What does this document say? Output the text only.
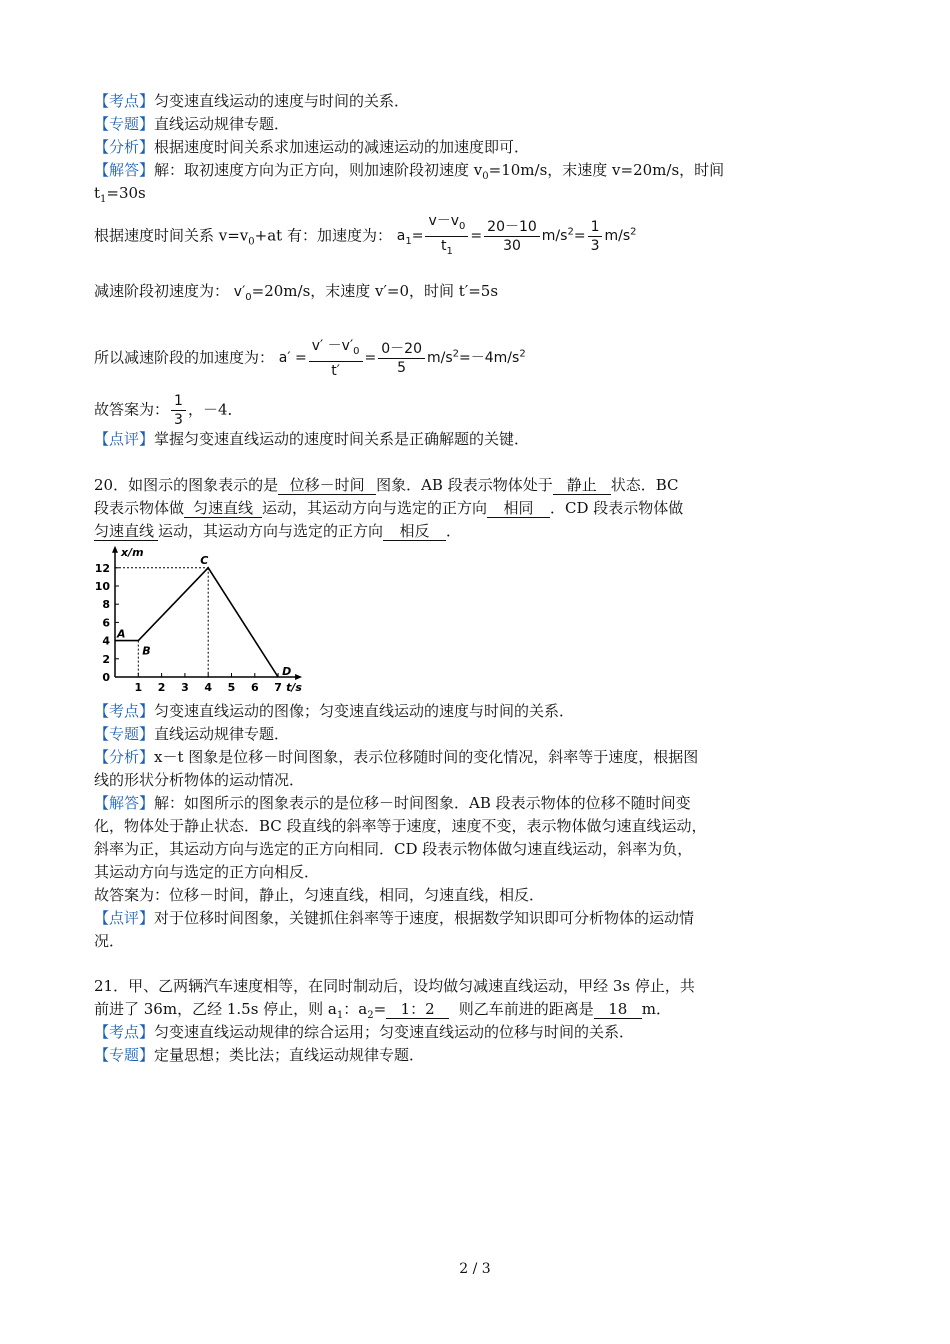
【考点】匀变速直线运动的速度与时间的关系．
【专题】直线运动规律专题．
【分析】根据速度时间关系求加速运动的减速运动的加速度即可．
【解答】解：取初速度方向为正方向，则加速阶段初速度 $v_0=10m/s$，末速度 v=20m/s，时间
$t_1=30s$
根据速度时间关系 $v=v_0+at$ 有：加速度为： $a_1= \frac{v-v_0}{t_1} = \frac{20-10}{30} m/s^2= \frac{1}{3} m/s^2$
减速阶段初速度为： $v'_0=20m/s$，末速度 v′=0，时间 t′=5s
所以减速阶段的加速度为： $a' = \frac{v' -v'_0}{t'} = \frac{0-20}{5} m/s^2=-4m/s^2$
故答案为： $\frac{1}{3}$ ，－4．
【点评】掌握匀变速直线运动的速度时间关系是正确解题的关键．
20．如图示的图象表示的是 位移－时间 图象．AB 段表示物体处于 静止 状态．BC
段表示物体做 匀速直线 运动，其运动方向与选定的正方向 相同 ．CD 段表示物体做
匀速直线 运动，其运动方向与选定的正方向 相反 ．
0
2
4
6
8
10
12
1 2 3 4 5 6 7
x/m
t/s
A
B
C
D
【考点】匀变速直线运动的图像；匀变速直线运动的速度与时间的关系．
【专题】直线运动规律专题．
【分析】x－t 图象是位移－时间图象，表示位移随时间的变化情况，斜率等于速度，根据图
线的形状分析物体的运动情况．
【解答】解：如图所示的图象表示的是位移－时间图象．AB 段表示物体的位移不随时间变
化，物体处于静止状态．BC 段直线的斜率等于速度，速度不变，表示物体做匀速直线运动，
斜率为正，其运动方向与选定的正方向相同．CD 段表示物体做匀速直线运动，斜率为负，
其运动方向与选定的正方向相反．
故答案为：位移－时间，静止，匀速直线，相同，匀速直线，相反．
【点评】对于位移时间图象，关键抓住斜率等于速度，根据数学知识即可分析物体的运动情
况．
21．甲、乙两辆汽车速度相等，在同时制动后，设均做匀减速直线运动，甲经 3s 停止，共
前进了 36m，乙经 1.5s 停止，则 $a_1$：$a_2= 1$：2 则乙车前进的距离是 18 m．
【考点】匀变速直线运动规律的综合运用；匀变速直线运动的位移与时间的关系．
【专题】定量思想；类比法；直线运动规律专题．
2 / 3
